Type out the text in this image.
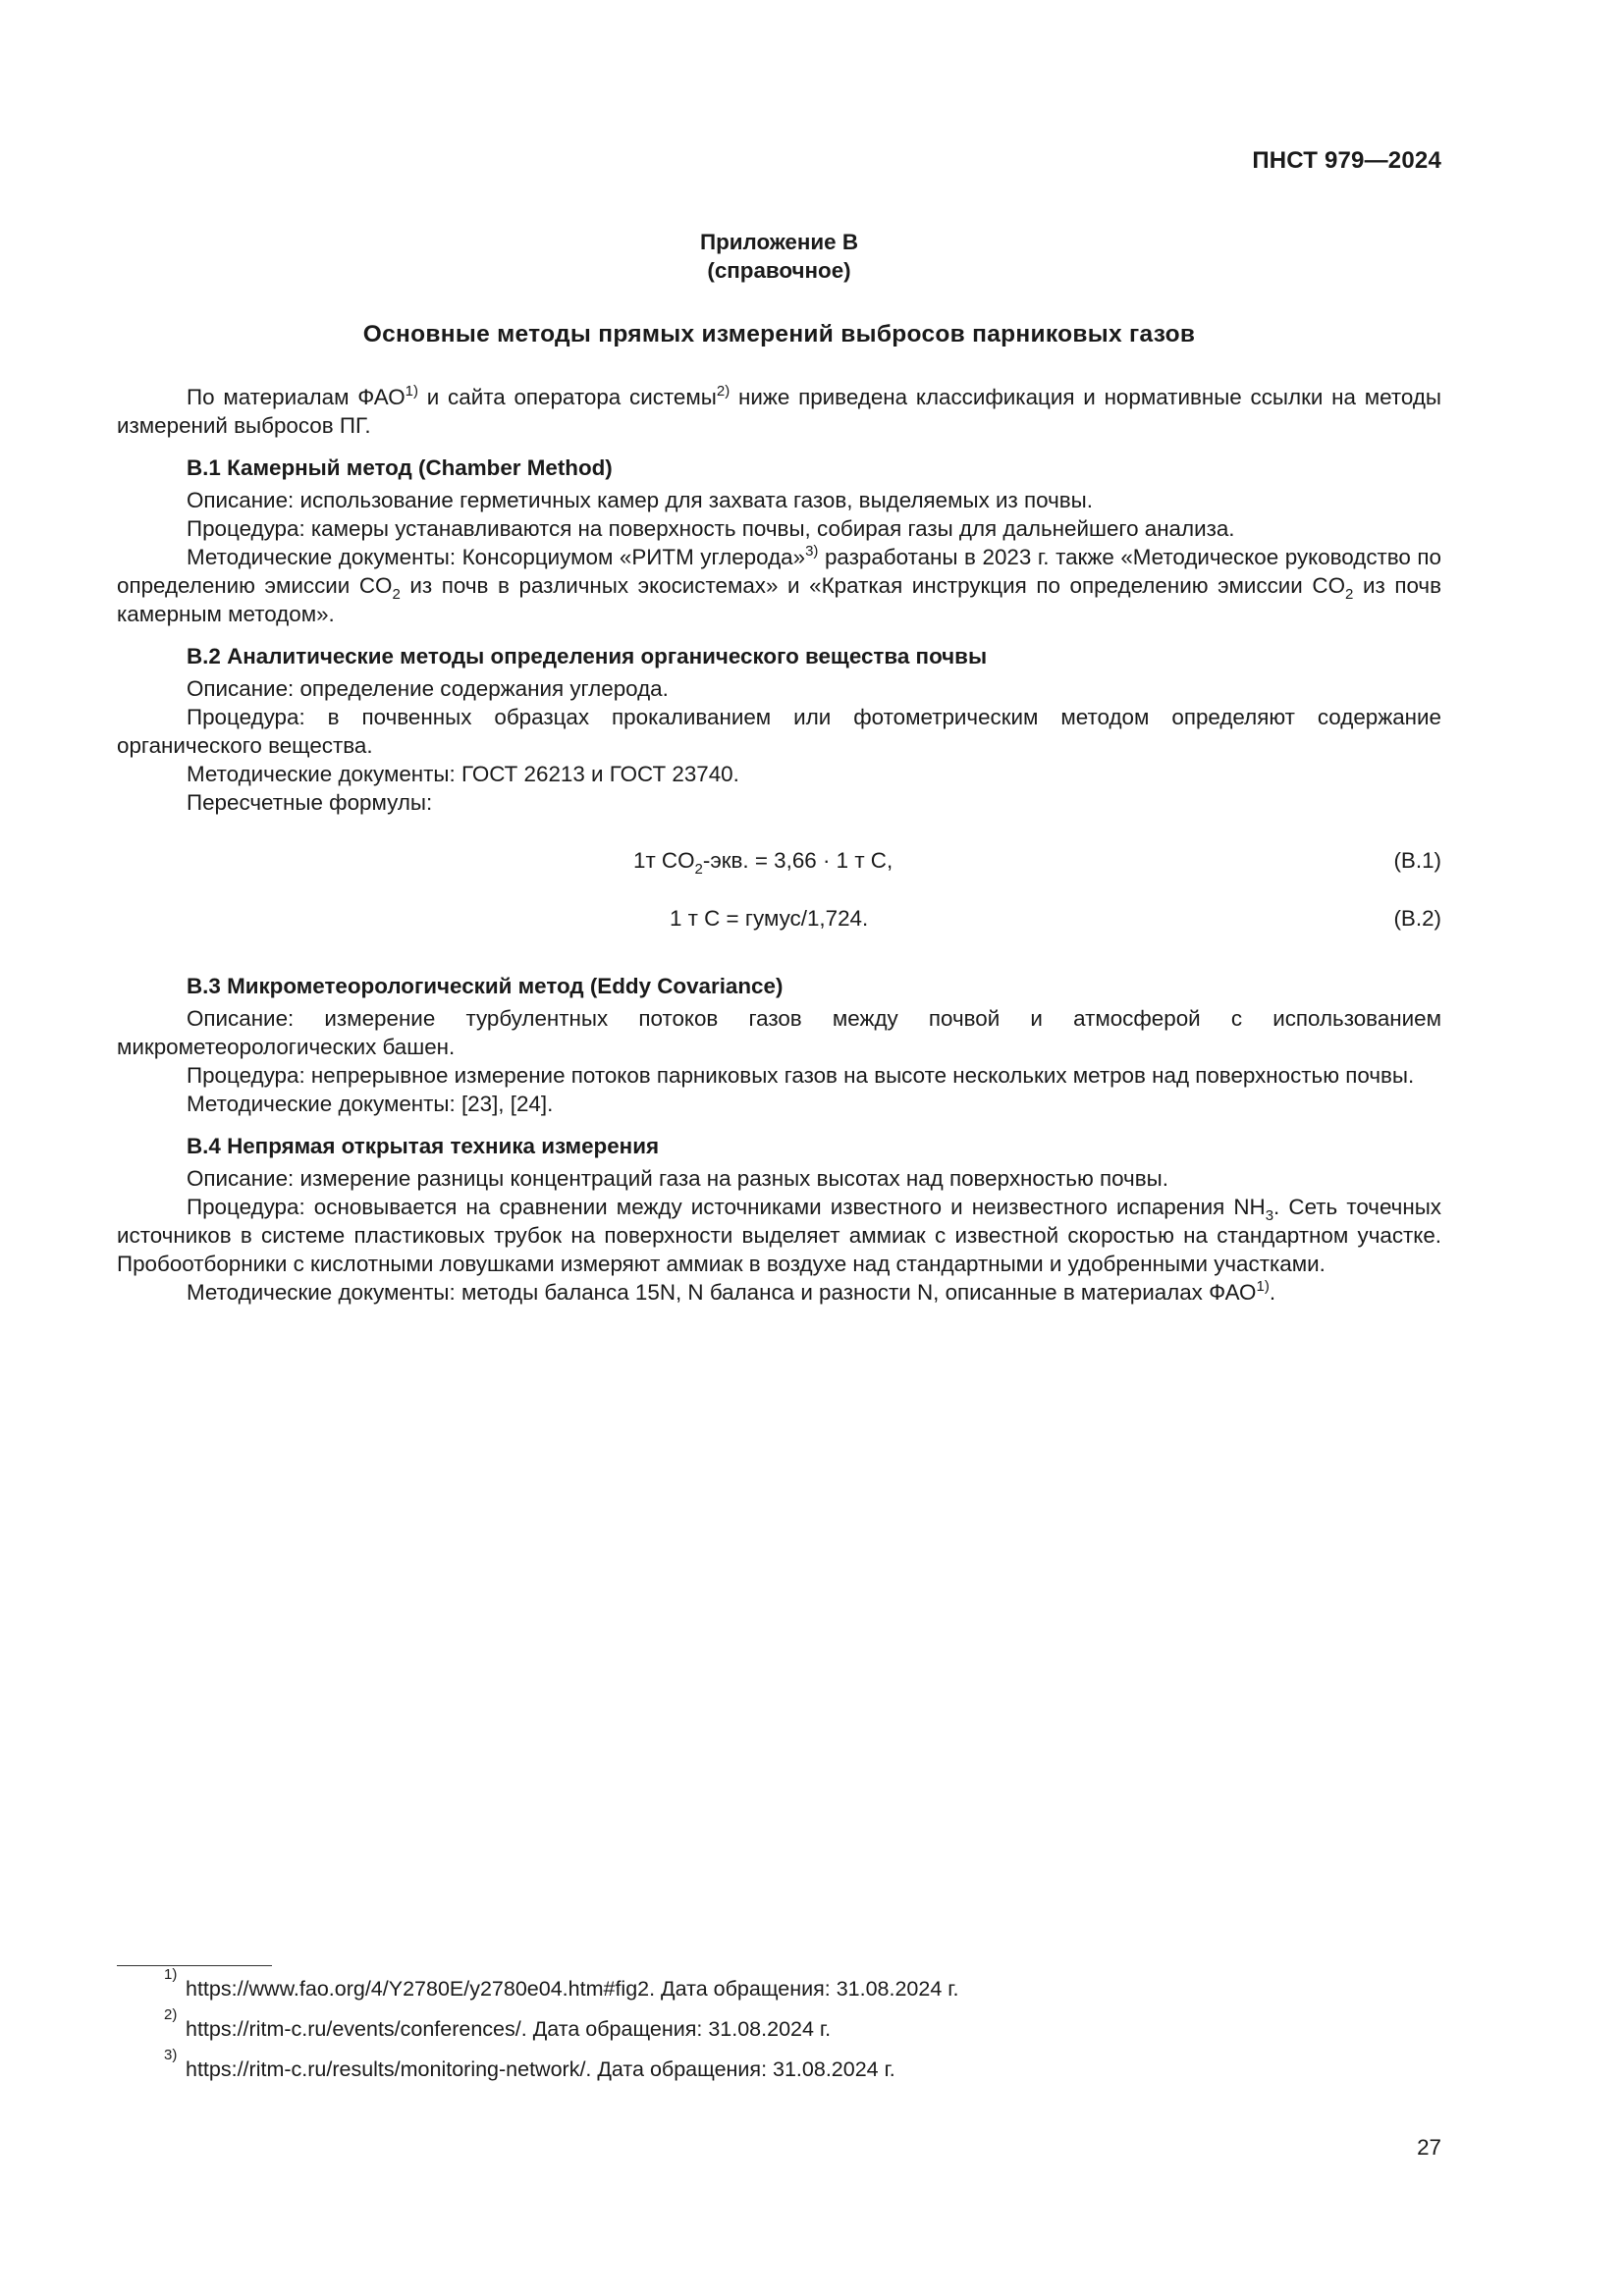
ПНСТ 979—2024
Приложение В
(справочное)
Основные методы прямых измерений выбросов парниковых газов

По материалам ФАО$^{1)}$ и сайта оператора системы$^{2)}$ ниже приведена классификация и нормативные ссылки на методы измерений выбросов ПГ.

В.1 Камерный метод (Chamber Method)

Описание: использование герметичных камер для захвата газов, выделяемых из почвы.

Процедура: камеры устанавливаются на поверхность почвы, собирая газы для дальнейшего анализа.

Методические документы: Консорциумом «РИТМ углерода»$^{3)}$ разработаны в 2023 г. также «Методическое руководство по определению эмиссии $CO_2$ из почв в различных экосистемах» и «Краткая инструкция по определению эмиссии $CO_2$ из почв камерным методом».

В.2 Аналитические методы определения органического вещества почвы

Описание: определение содержания углерода.

Процедура: в почвенных образцах прокаливанием или фотометрическим методом определяют содержание органического вещества.

Методические документы: ГОСТ 26213 и ГОСТ 23740.

Пересчетные формулы:

1т $CO_2$-экв. = 3,66 · 1 т C,	(В.1)
1 т C = гумус/1,724.	(В.2)

В.3 Микрометеорологический метод (Eddy Covariance)

Описание: измерение турбулентных потоков газов между почвой и атмосферой с использованием микрометеорологических башен.

Процедура: непрерывное измерение потоков парниковых газов на высоте нескольких метров над поверхностью почвы.

Методические документы: [23], [24].

В.4 Непрямая открытая техника измерения

Описание: измерение разницы концентраций газа на разных высотах над поверхностью почвы.

Процедура: основывается на сравнении между источниками известного и неизвестного испарения $NH_3$. Сеть точечных источников в системе пластиковых трубок на поверхности выделяет аммиак с известной скоростью на стандартном участке. Пробоотборники с кислотными ловушками измеряют аммиак в воздухе над стандартными и удобренными участками.

Методические документы: методы баланса 15N, N баланса и разности N, описанные в материалах ФАО$^{1)}$.

1)
https://www.fao.org/4/Y2780E/y2780e04.htm#fig2. Дата обращения: 31.08.2024 г.
2)
https://ritm-c.ru/events/conferences/. Дата обращения: 31.08.2024 г.
3)
https://ritm-c.ru/results/monitoring-network/. Дата обращения: 31.08.2024 г.
27
